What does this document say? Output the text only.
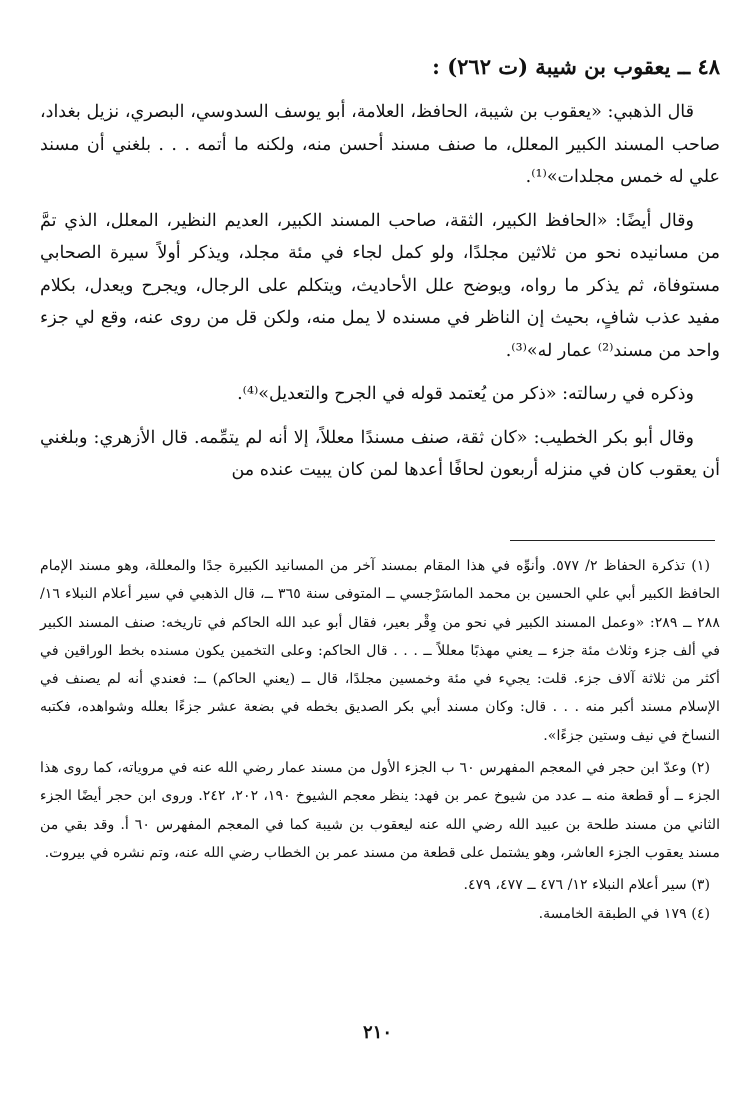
٤٨ ــ يعقوب بن شيبة (ت ٢٦٢) :

قال الذهبي: «يعقوب بن شيبة، الحافظ، العلامة، أبو يوسف السدوسي، البصري، نزيل بغداد، صاحب المسند الكبير المعلل، ما صنف مسند أحسن منه، ولكنه ما أتمه . . . بلغني أن مسند علي له خمس مجلدات»⁽¹⁾.

وقال أيضًا: «الحافظ الكبير، الثقة، صاحب المسند الكبير، العديم النظير، المعلل، الذي تمَّ من مسانيده نحو من ثلاثين مجلدًا، ولو كمل لجاء في مئة مجلد، ويذكر أولاً سيرة الصحابي مستوفاة، ثم يذكر ما رواه، ويوضح علل الأحاديث، ويتكلم على الرجال، ويجرح ويعدل، بكلام مفيد عذب شافٍ، بحيث إن الناظر في مسنده لا يمل منه، ولكن قل من روى عنه، وقع لي جزء واحد من مسند⁽²⁾ عمار له»⁽³⁾.

وذكره في رسالته: «ذكر من يُعتمد قوله في الجرح والتعديل»⁽⁴⁾.

وقال أبو بكر الخطيب: «كان ثقة، صنف مسندًا معللاً، إلا أنه لم يتمِّمه. قال الأزهري: وبلغني أن يعقوب كان في منزله أربعون لحافًا أعدها لمن كان يبيت عنده من

(١) تذكرة الحفاظ ٢/ ٥٧٧. وأنوِّه في هذا المقام بمسند آخر من المسانيد الكبيرة جدًا والمعللة، وهو مسند الإمام الحافظ الكبير أبي علي الحسين بن محمد الماسَرْجسي ــ المتوفى سنة ٣٦٥ ــ، قال الذهبي في سير أعلام النبلاء ١٦/ ٢٨٨ ــ ٢٨٩: «وعمل المسند الكبير في نحو من وِقْر بعير، فقال أبو عبد الله الحاكم في تاريخه: صنف المسند الكبير في ألف جزء وثلاث مئة جزء ــ يعني مهذبًا معللاً ــ . . . قال الحاكم: وعلى التخمين يكون مسنده بخط الوراقين في أكثر من ثلاثة آلاف جزء. قلت: يجيء في مئة وخمسين مجلدًا، قال ــ (يعني الحاكم) ــ: فعندي أنه لم يصنف في الإسلام مسند أكبر منه . . . قال: وكان مسند أبي بكر الصديق بخطه في بضعة عشر جزءًا بعلله وشواهده، فكتبه النساخ في نيف وستين جزءًا».

(٢) وعدّ ابن حجر في المعجم المفهرس ٦٠ ب الجزء الأول من مسند عمار رضي الله عنه في مروياته، كما روى هذا الجزء ــ أو قطعة منه ــ عدد من شيوخ عمر بن فهد: ينظر معجم الشيوخ ١٩٠، ٢٠٢، ٢٤٢. وروى ابن حجر أيضًا الجزء الثاني من مسند طلحة بن عبيد الله رضي الله عنه ليعقوب بن شيبة كما في المعجم المفهرس ٦٠ أ. وقد بقي من مسند يعقوب الجزء العاشر، وهو يشتمل على قطعة من مسند عمر بن الخطاب رضي الله عنه، وتم نشره في بيروت.

(٣) سير أعلام النبلاء ١٢/ ٤٧٦ ــ ٤٧٧، ٤٧٩.

(٤) ١٧٩ في الطبقة الخامسة.

٢١٠
